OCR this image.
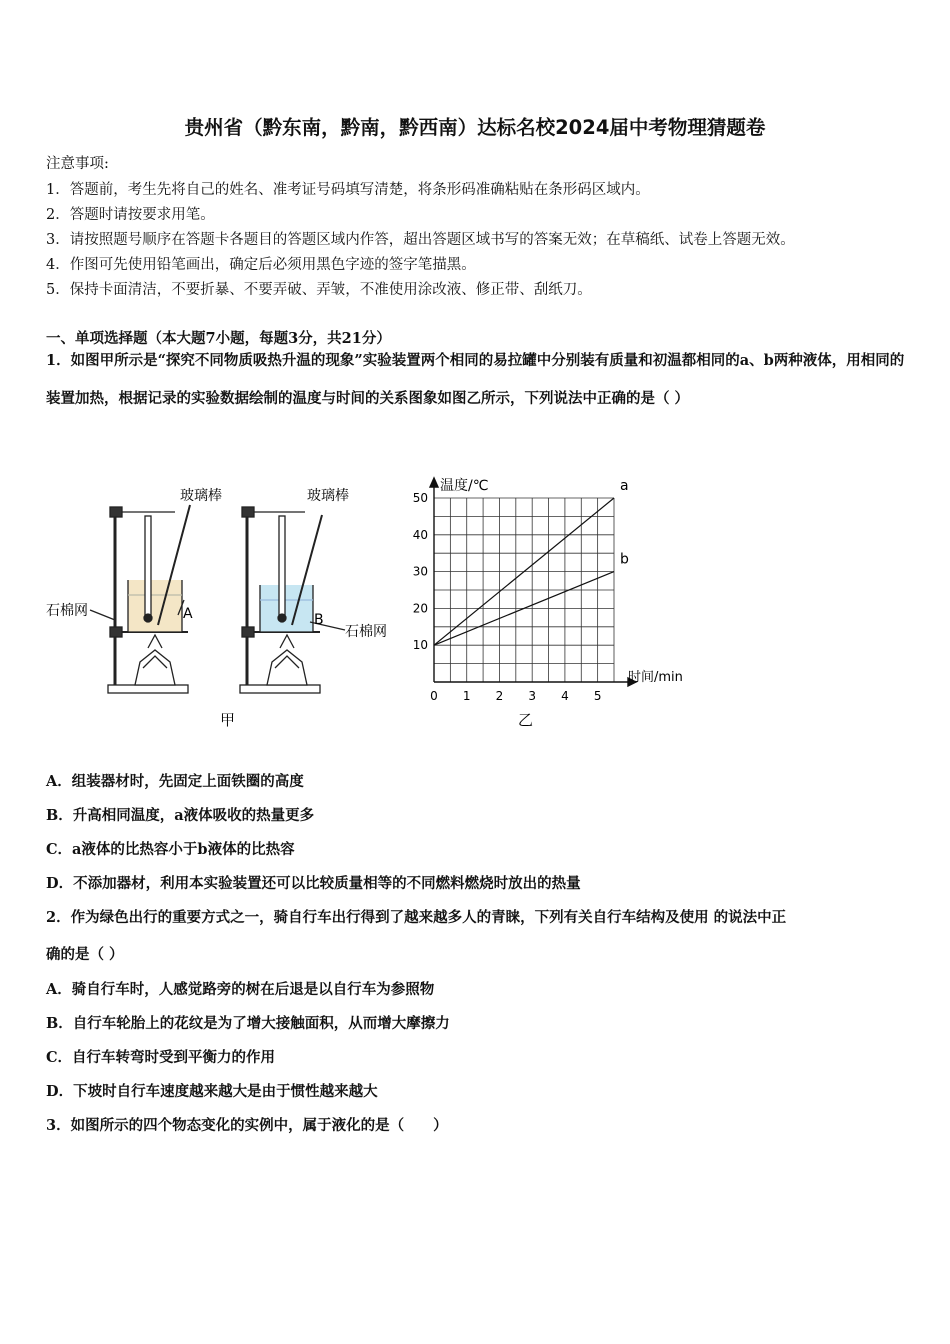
贵州省（黔东南，黔南，黔西南）达标名校2024届中考物理猜题卷
注意事项:
1．答题前，考生先将自己的姓名、准考证号码填写清楚，将条形码准确粘贴在条形码区域内。
2．答题时请按要求用笔。
3．请按照题号顺序在答题卡各题目的答题区域内作答，超出答题区域书写的答案无效；在草稿纸、试卷上答题无效。
4．作图可先使用铅笔画出，确定后必须用黑色字迹的签字笔描黑。
5．保持卡面清洁，不要折暴、不要弄破、弄皱，不准使用涂改液、修正带、刮纸刀。
一、单项选择题（本大题7小题，每题3分，共21分）
1．如图甲所示是“探究不同物质吸热升温的现象”实验装置两个相同的易拉罐中分别装有质量和初温都相同的a、b两种液体，用相同的装置加热，根据记录的实验数据绘制的温度与时间的关系图象如图乙所示，下列说法中正确的是（ ）
玻璃棒	玻璃棒
石棉网
石棉网
A	B
甲
0 1 2 3 4 5
10
20
30
40
50
a
b
温度/℃
时间/min
乙
A．组装器材时，先固定上面铁圈的高度
B．升高相同温度，a液体吸收的热量更多
C．a液体的比热容小于b液体的比热容
D．不添加器材，利用本实验装置还可以比较质量相等的不同燃料燃烧时放出的热量
2．作为绿色出行的重要方式之一，骑自行车出行得到了越来越多人的青睐，下列有关自行车结构及使用 的说法中正
确的是（ ）
A．骑自行车时，人感觉路旁的树在后退是以自行车为参照物
B．自行车轮胎上的花纹是为了增大接触面积，从而增大摩擦力
C．自行车转弯时受到平衡力的作用
D．下坡时自行车速度越来越大是由于惯性越来越大
3．如图所示的四个物态变化的实例中，属于液化的是（　　）
